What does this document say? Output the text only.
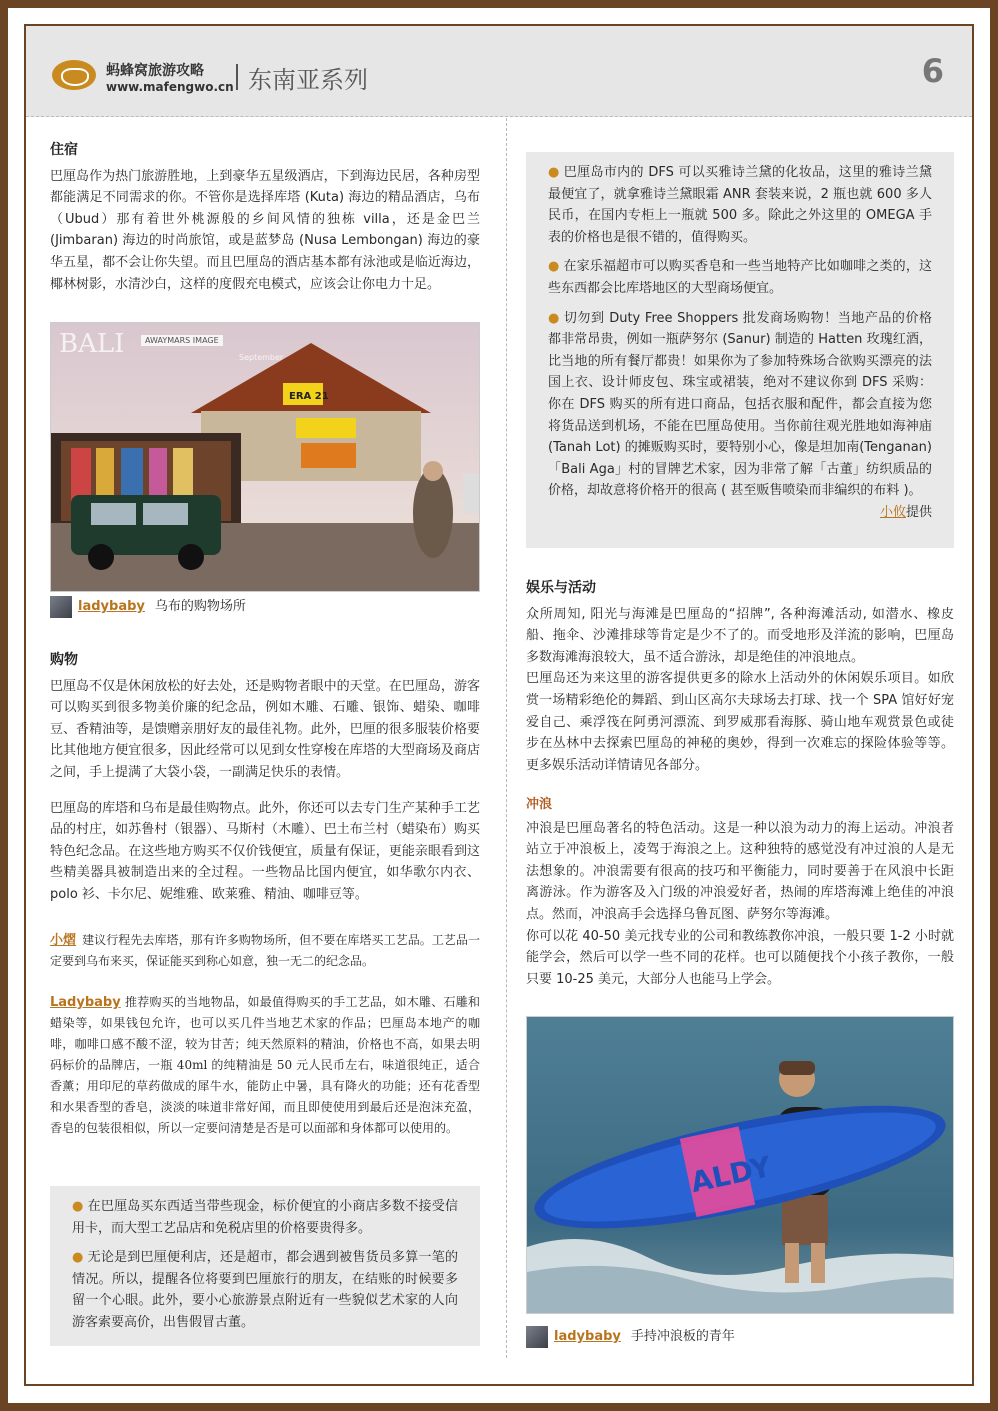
蚂蜂窝旅游攻略
www.mafengwo.cn 东南亚系列	6
住宿

巴厘岛作为热门旅游胜地，上到豪华五星级酒店，下到海边民居，各种房型都能满足不同需求的你。不管你是选择库塔 (Kuta) 海边的精品酒店，乌布（Ubud）那有着世外桃源般的乡间风情的独栋 villa，还是金巴兰 (Jimbaran) 海边的时尚旅馆，或是蓝梦岛 (Nusa Lembongan) 海边的豪华五星，都不会让你失望。而且巴厘岛的酒店基本都有泳池或是临近海边，椰林树影，水清沙白，这样的度假充电模式，应该会让你电力十足。

ERA 21
BALI	AWAYMARS IMAGE
September
ladybaby 乌布的购物场所
购物

巴厘岛不仅是休闲放松的好去处，还是购物者眼中的天堂。在巴厘岛，游客可以购买到很多物美价廉的纪念品，例如木雕、石雕、银饰、蜡染、咖啡豆、香精油等，是馈赠亲朋好友的最佳礼物。此外，巴厘的很多服装价格要比其他地方便宜很多，因此经常可以见到女性穿梭在库塔的大型商场及商店之间，手上提满了大袋小袋，一副满足快乐的表情。

巴厘岛的库塔和乌布是最佳购物点。此外，你还可以去专门生产某种手工艺品的村庄，如苏鲁村（银器）、马斯村（木雕）、巴土布兰村（蜡染布）购买特色纪念品。在这些地方购买不仅价钱便宜，质量有保证，更能亲眼看到这些精美器具被制造出来的全过程。一些物品比国内便宜，如华歌尔内衣、polo 衫、卡尔尼、妮维雅、欧莱雅、精油、咖啡豆等。

小熠 建议行程先去库塔，那有许多购物场所，但不要在库塔买工艺品。工艺品一定要到乌布来买，保证能买到称心如意，独一无二的纪念品。
Ladybaby 推荐购买的当地物品，如最值得购买的手工艺品，如木雕、石雕和蜡染等，如果钱包允许，也可以买几件当地艺术家的作品；巴厘岛本地产的咖啡，咖啡口感不酸不涩，较为甘苦；纯天然原料的精油，价格也不高，如果去明码标价的品牌店，一瓶 40ml 的纯精油是 50 元人民币左右，味道很纯正，适合香薰；用印尼的草药做成的犀牛水，能防止中暑，具有降火的功能；还有花香型和水果香型的香皂，淡淡的味道非常好闻，而且即使使用到最后还是泡沫充盈，香皂的包装很相似，所以一定要问清楚是否是可以面部和身体都可以使用的。

● 在巴厘岛买东西适当带些现金，标价便宜的小商店多数不接受信用卡，而大型工艺品店和免税店里的价格要贵得多。

● 无论是到巴厘便利店，还是超市，都会遇到被售货员多算一笔的情况。所以，提醒各位将要到巴厘旅行的朋友，在结账的时候要多留一个心眼。此外，要小心旅游景点附近有一些貌似艺术家的人向游客索要高价，出售假冒古董。

● 巴厘岛市内的 DFS 可以买雅诗兰黛的化妆品，这里的雅诗兰黛最便宜了，就拿雅诗兰黛眼霜 ANR 套装来说，2 瓶也就 600 多人民币，在国内专柜上一瓶就 500 多。除此之外这里的 OMEGA 手表的价格也是很不错的，值得购买。

● 在家乐福超市可以购买香皂和一些当地特产比如咖啡之类的，这些东西都会比库塔地区的大型商场便宜。

● 切勿到 Duty Free Shoppers 批发商场购物！当地产品的价格都非常昂贵，例如一瓶萨努尔 (Sanur) 制造的 Hatten 玫瑰红酒，比当地的所有餐厅都贵！如果你为了参加特殊场合欲购买漂亮的法国上衣、设计师皮包、珠宝或裙装，绝对不建议你到 DFS 采购：你在 DFS 购买的所有进口商品，包括衣服和配件，都会直接为您将货品送到机场，不能在巴厘岛使用。当你前往观光胜地如海神庙 (Tanah Lot) 的摊贩购买时，要特别小心，像是坦加南(Tenganan)「Bali Aga」村的冒牌艺术家，因为非常了解「古董」纺织质品的价格，却故意将价格开的很高 ( 甚至贩售喷染而非编织的布料 )。
小攸提供

娱乐与活动

众所周知, 阳光与海滩是巴厘岛的“招牌”, 各种海滩活动, 如潜水、橡皮船、拖伞、沙滩排球等肯定是少不了的。而受地形及洋流的影响，巴厘岛多数海滩海浪较大，虽不适合游泳，却是绝佳的冲浪地点。

巴厘岛还为来这里的游客提供更多的除水上活动外的休闲娱乐项目。如欣赏一场精彩绝伦的舞蹈、到山区高尔夫球场去打球、找一个 SPA 馆好好宠爱自己、乘浮筏在阿勇河漂流、到罗威那看海豚、骑山地车观赏景色或徒步在丛林中去探索巴厘岛的神秘的奥妙，得到一次难忘的探险体验等等。更多娱乐活动详情请见各部分。

冲浪

冲浪是巴厘岛著名的特色活动。这是一种以浪为动力的海上运动。冲浪者站立于冲浪板上，凌驾于海浪之上。这种独特的感觉没有冲过浪的人是无法想象的。冲浪需要有很高的技巧和平衡能力，同时要善于在风浪中长距离游泳。作为游客及入门级的冲浪爱好者，热闹的库塔海滩上绝佳的冲浪点。然而，冲浪高手会选择乌鲁瓦图、萨努尔等海滩。

你可以花 40-50 美元找专业的公司和教练教你冲浪，一般只要 1-2 小时就能学会，然后可以学一些不同的花样。也可以随便找个小孩子教你，一般只要 10-25 美元，大部分人也能马上学会。

ALDY
ladybaby 手持冲浪板的青年
